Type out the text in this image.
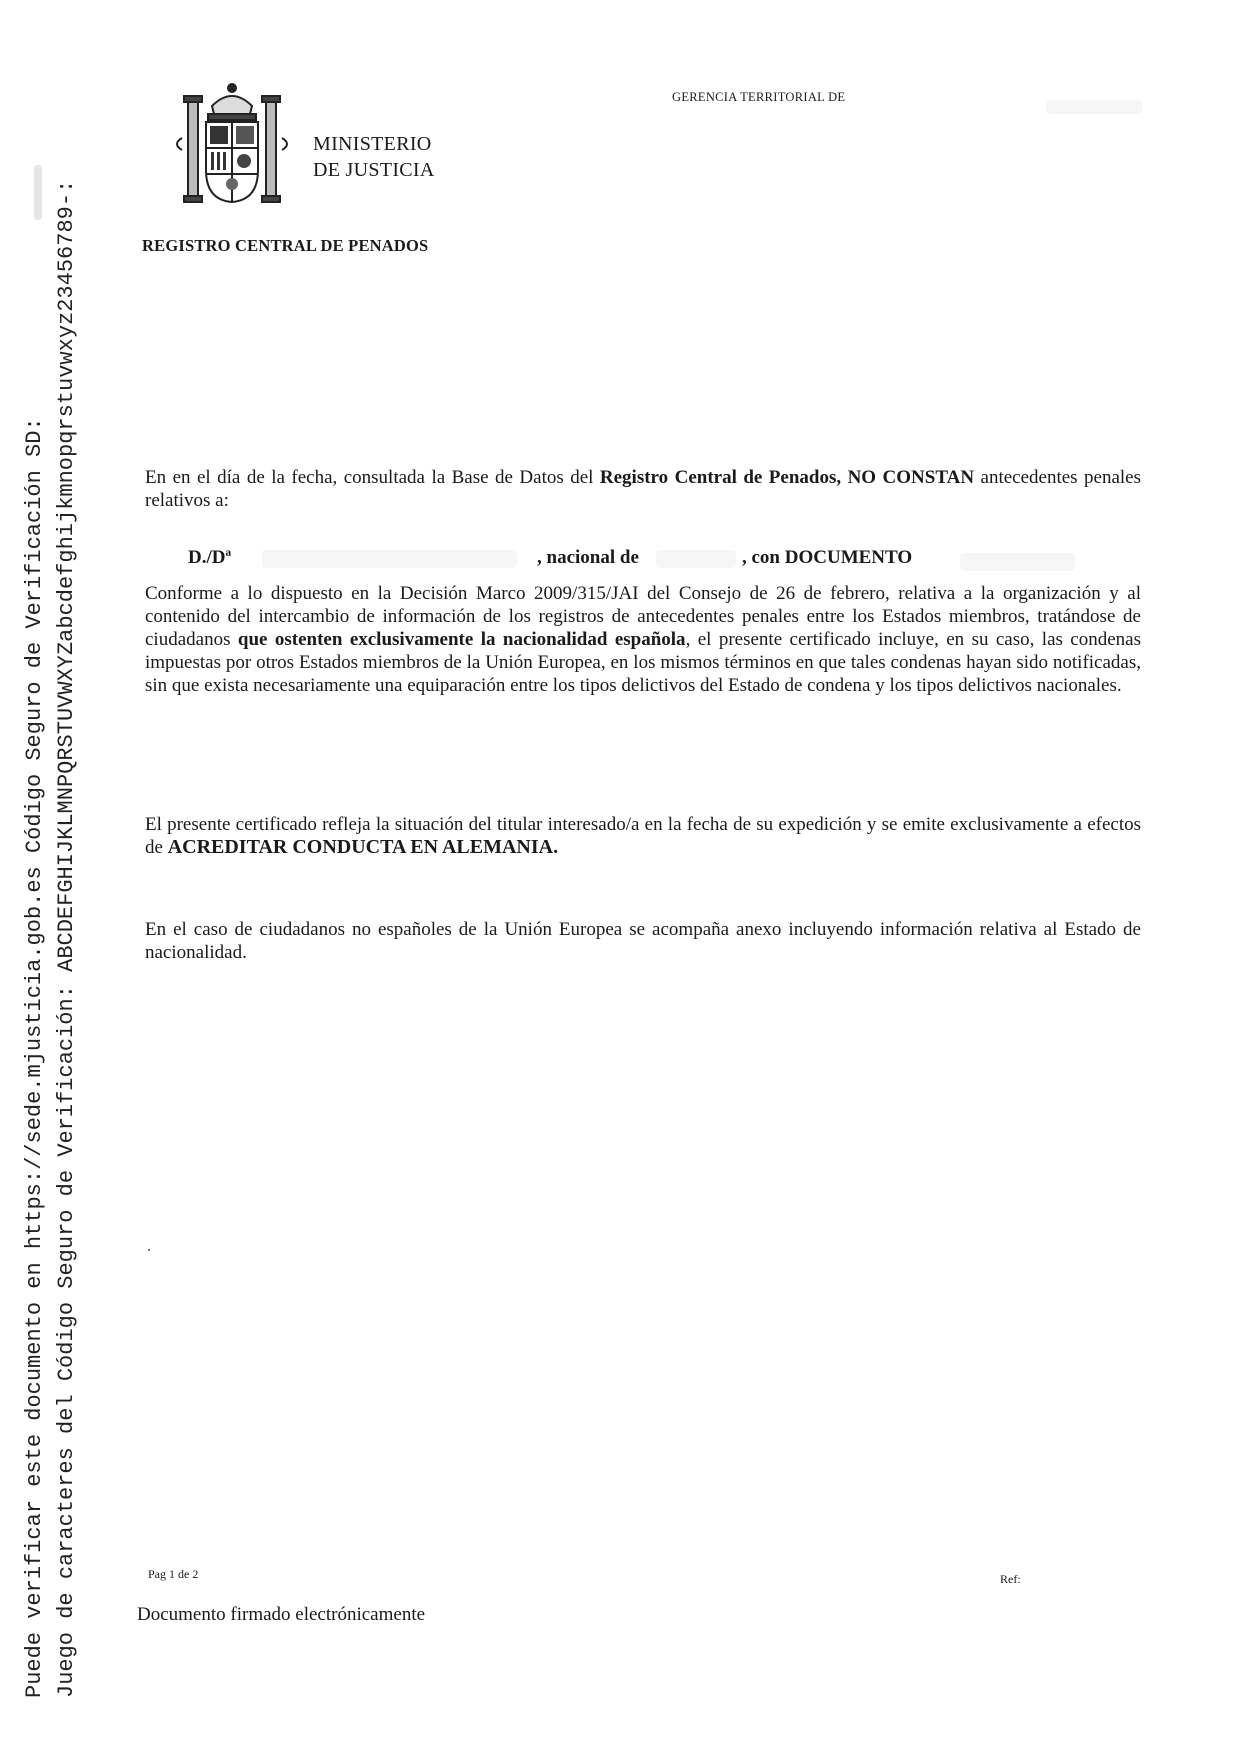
Puede verificar este documento en https://sede.mjusticia.gob.es Código Seguro de Verificación SD: Juego de caracteres del Código Seguro de Verificación: ABCDEFGHIJKLMNPQRSTUVWXYZabcdefghijkmnopqrstuvwxyz23456789-:
MINISTERIO
DE JUSTICIA
GERENCIA TERRITORIAL DE
REGISTRO CENTRAL DE PENADOS
En en el día de la fecha, consultada la Base de Datos del Registro Central de Penados, NO CONSTAN antecedentes penales relativos a:
D./Dª	, nacional de	, con DOCUMENTO
Conforme a lo dispuesto en la Decisión Marco 2009/315/JAI del Consejo de 26 de febrero, relativa a la organización y al contenido del intercambio de información de los registros de antecedentes penales entre los Estados miembros, tratándose de ciudadanos que ostenten exclusivamente la nacionalidad española, el presente certificado incluye, en su caso, las condenas impuestas por otros Estados miembros de la Unión Europea, en los mismos términos en que tales condenas hayan sido notificadas, sin que exista necesariamente una equiparación entre los tipos delictivos del Estado de condena y los tipos delictivos nacionales.
El presente certificado refleja la situación del titular interesado/a en la fecha de su expedición y se emite exclusivamente a efectos de ACREDITAR CONDUCTA EN ALEMANIA.
En el caso de ciudadanos no españoles de la Unión Europea se acompaña anexo incluyendo información relativa al Estado de nacionalidad.
Pag 1 de 2	Ref:
Documento firmado electrónicamente
